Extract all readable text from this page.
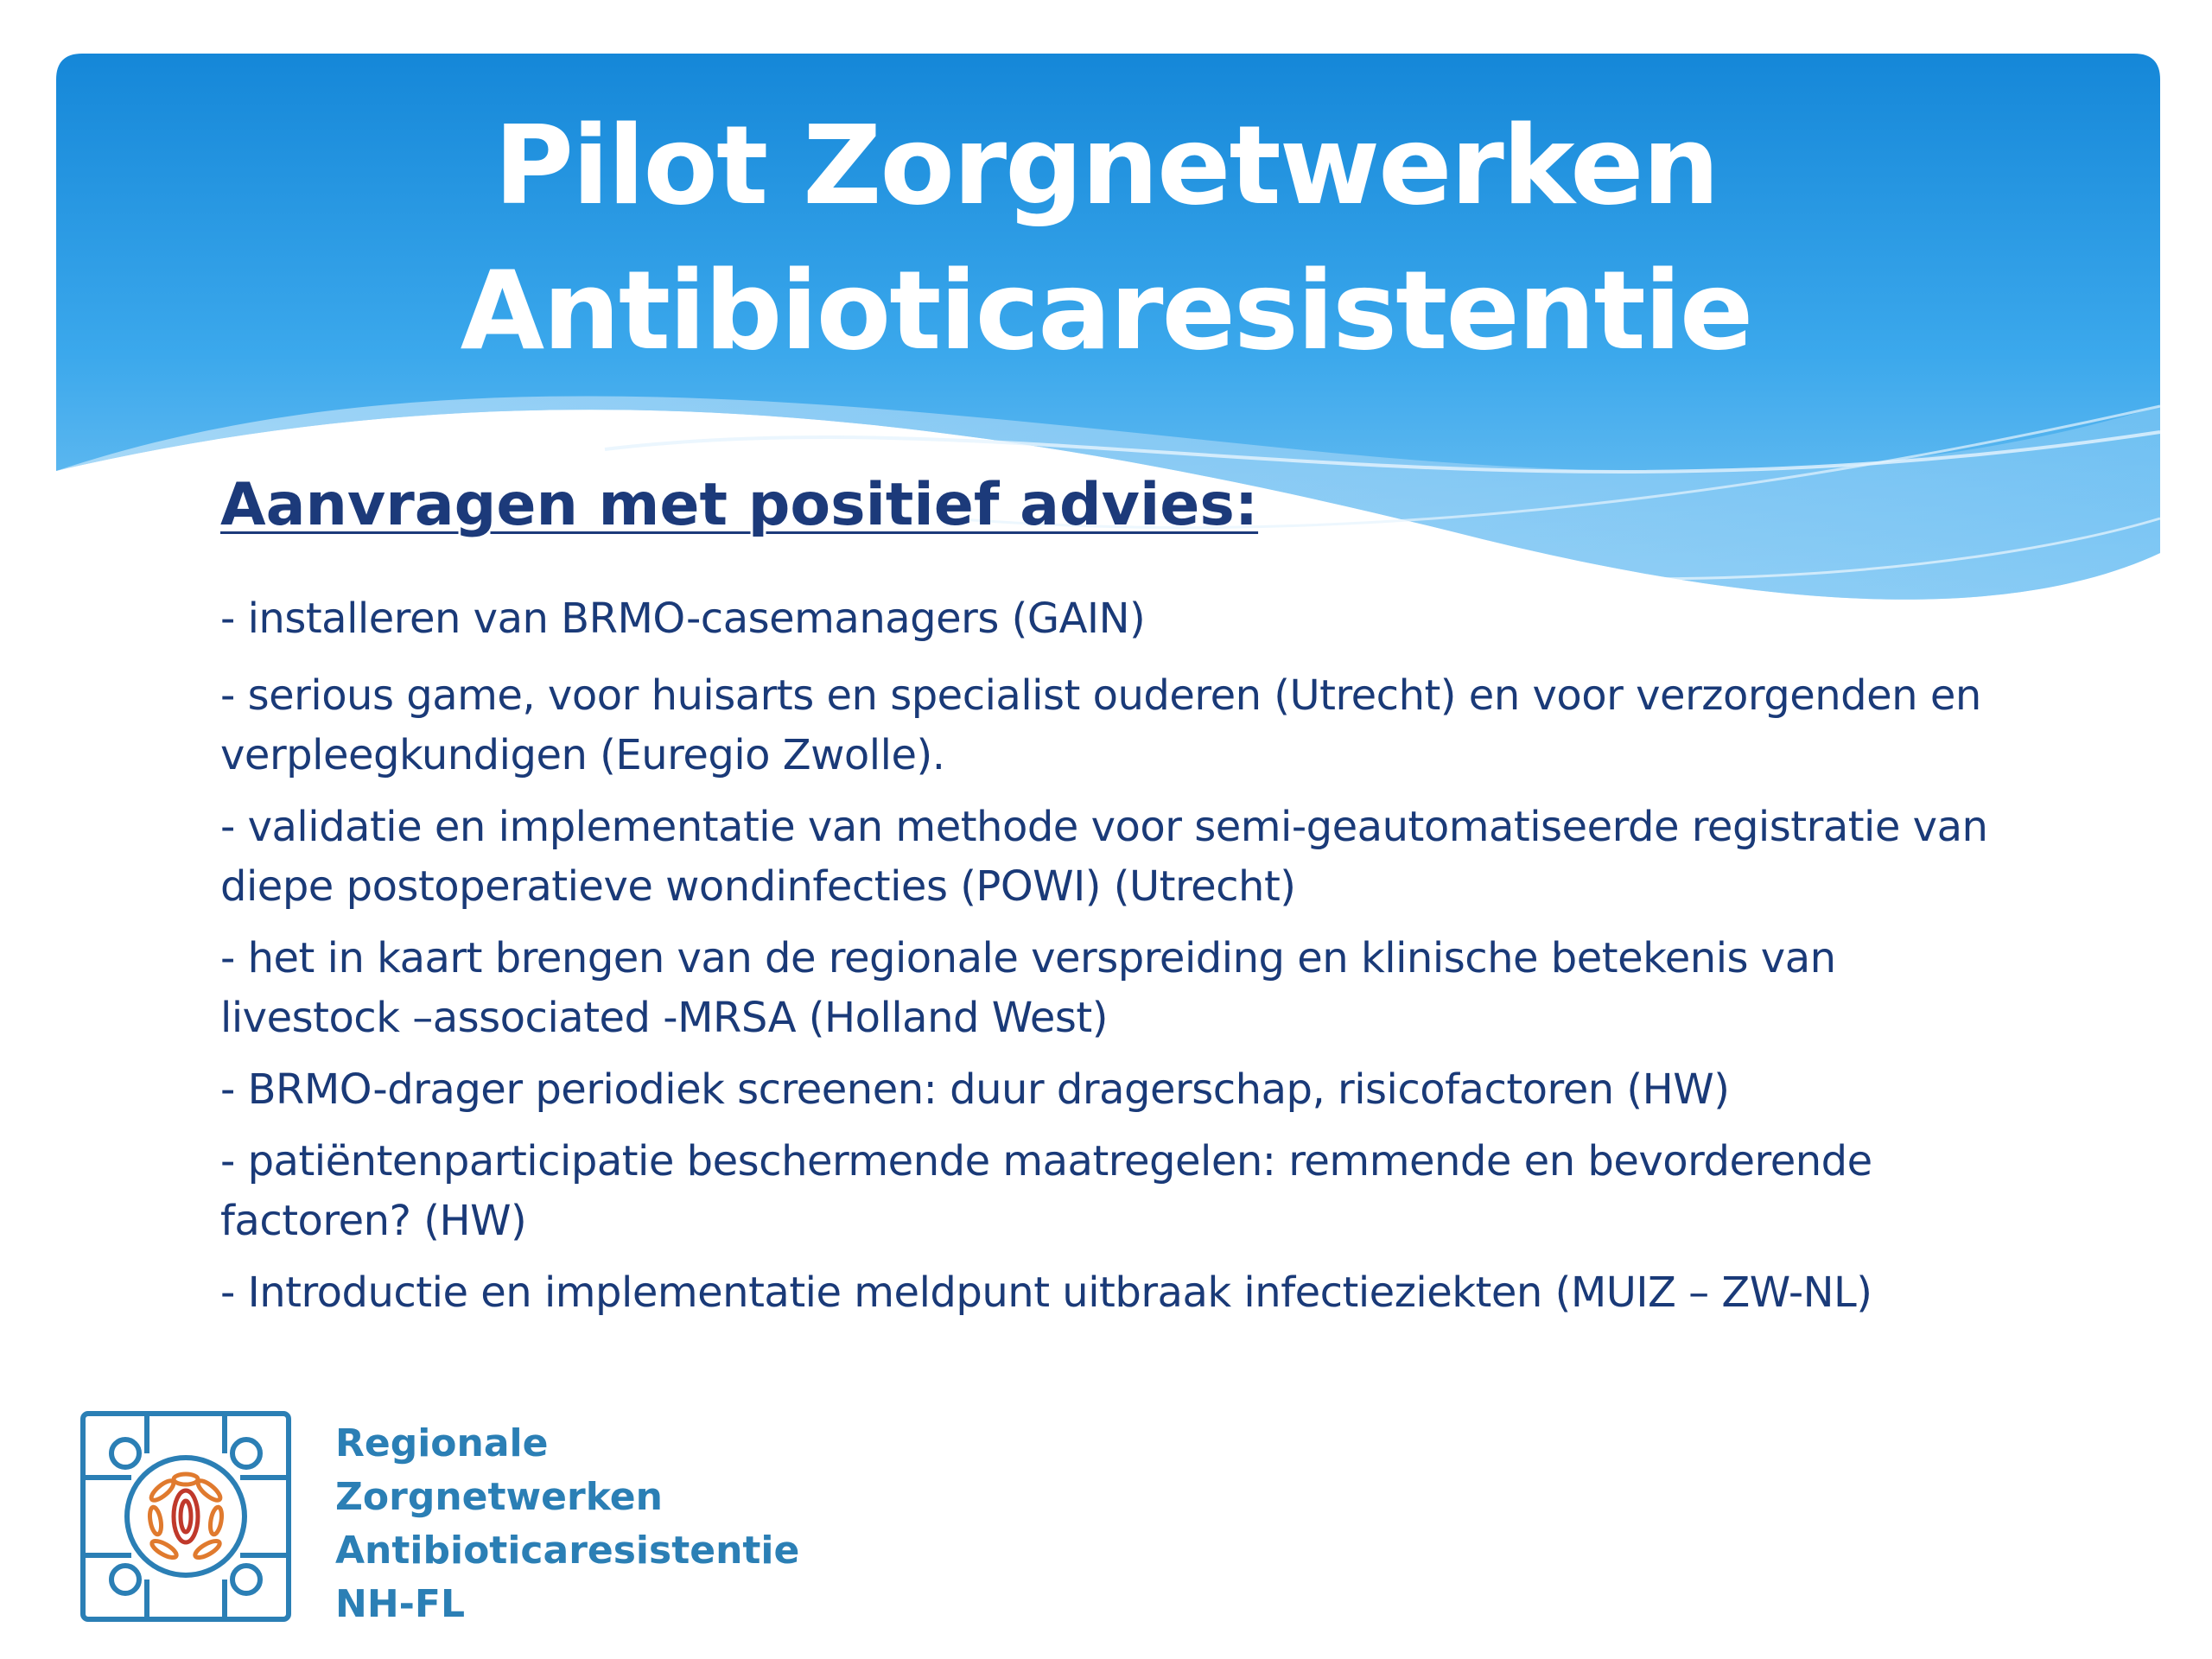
Pilot Zorgnetwerken
Antibioticaresistentie
Aanvragen met positief advies:
- installeren van BRMO-casemanagers (GAIN)
- serious game, voor huisarts en specialist ouderen (Utrecht) en voor verzorgenden en verpleegkundigen (Euregio Zwolle).
- validatie en implementatie van methode voor semi-geautomatiseerde registratie van diepe postoperatieve wondinfecties (POWI) (Utrecht)
- het in kaart brengen van de regionale verspreiding en klinische betekenis van livestock –associated -MRSA (Holland West)
- BRMO-drager periodiek screenen: duur dragerschap, risicofactoren (HW)
- patiëntenparticipatie beschermende maatregelen: remmende en bevorderende factoren? (HW)
- Introductie en implementatie meldpunt uitbraak infectieziekten (MUIZ – ZW-NL)
Regionale
Zorgnetwerken
Antibioticaresistentie
NH-FL
